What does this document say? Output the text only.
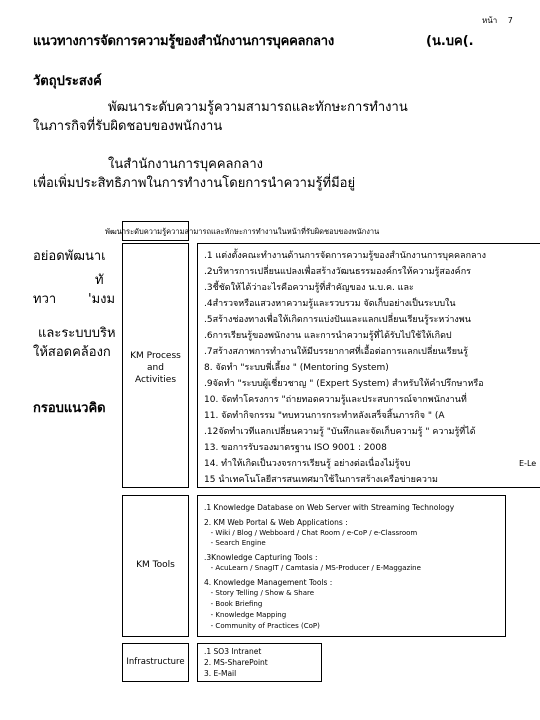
หน้า 7
แนวทางการจัดการความรู้ของสำนักงานการบุคคลกลาง	(น.บค(.
วัตถุประสงค์
พัฒนาระดับความรู้ความสามารถและทักษะการทำงาน
ในภารกิจที่รับผิดชอบของพนักงาน
ในสำนักงานการบุคคลกลาง
เพื่อเพิ่มประสิทธิภาพในการทำงานโดยการนำความรู้ที่มีอยู่
อย่อดพัฒนาเ
ทั
ทวา 'มงม
และระบบบริห
ให้สอดคล้องก
กรอบแนวคิด
พัฒนาระดับความรู้ความสามารถและทักษะการทำงานในหน้าที่รับผิดชอบของพนักงาน
KM Process
and
Activities
.1 แต่งตั้งคณะทำงานด้านการจัดการความรู้ของสำนักงานการบุคคลกลาง
.2บริหารการเปลี่ยนแปลงเพื่อสร้างวัฒนธรรมองค์กรให้ความรู้สองค์กร
.3ชี้ชัดให้ได้ว่าอะไรคือความรู้ที่สำคัญของ น.บ.ค. และ
.4สำรวจหรือแสวงหาความรู้และรวบรวม จัดเก็บอย่างเป็นระบบใน
.5สร้างช่องทางเพื่อให้เกิดการแบ่งปันและแลกเปลี่ยนเรียนรู้ระหว่างพน
.6การเรียนรู้ของพนักงาน และการนำความรู้ที่ได้รับไปใช้ให้เกิดป
.7สร้างสภาพการทำงานให้มีบรรยากาศที่เอื้อต่อการแลกเปลี่ยนเรียนรู้
8. จัดทำ "ระบบพี่เลี้ยง " (Mentoring System)
.9จัดทำ "ระบบผู้เชี่ยวชาญ " (Expert System) สำหรับให้คำปรึกษาหรือ
10. จัดทำโครงการ "ถ่ายทอดความรู้และประสบการณ์จากพนักงานที่
11. จัดทำกิจกรรม "ทบทวนการกระทำหลังเสร็จสิ้นภารกิจ " (A
.12จัดทำเวทีแลกเปลี่ยนความรู้ "บันทึกและจัดเก็บความรู้ " ความรู้ที่ได้
13. ขอการรับรองมาตรฐาน ISO 9001 : 2008
14. ทำให้เกิดเป็นวงจรการเรียนรู้ อย่างต่อเนื่องไม่รู้จบ
15 นำเทคโนโลยีสารสนเทศมาใช้ในการสร้างเครือข่ายความ
E-Le
KM Tools
.1 Knowledge Database on Web Server with Streaming Technology
2. KM Web Portal & Web Applications :
- Wiki / Blog / Webboard / Chat Room / e-CoP / e-Classroom
- Search Engine
.3Knowledge Capturing Tools :
- AcuLearn / SnagIT / Camtasia / MS-Producer / E-Maggazine
4. Knowledge Management Tools :
- Story Telling / Show & Share
- Book Briefing
- Knowledge Mapping
- Community of Practices (CoP)
Infrastructure
.1 SO3 Intranet
2. MS-SharePoint
3. E-Mail
